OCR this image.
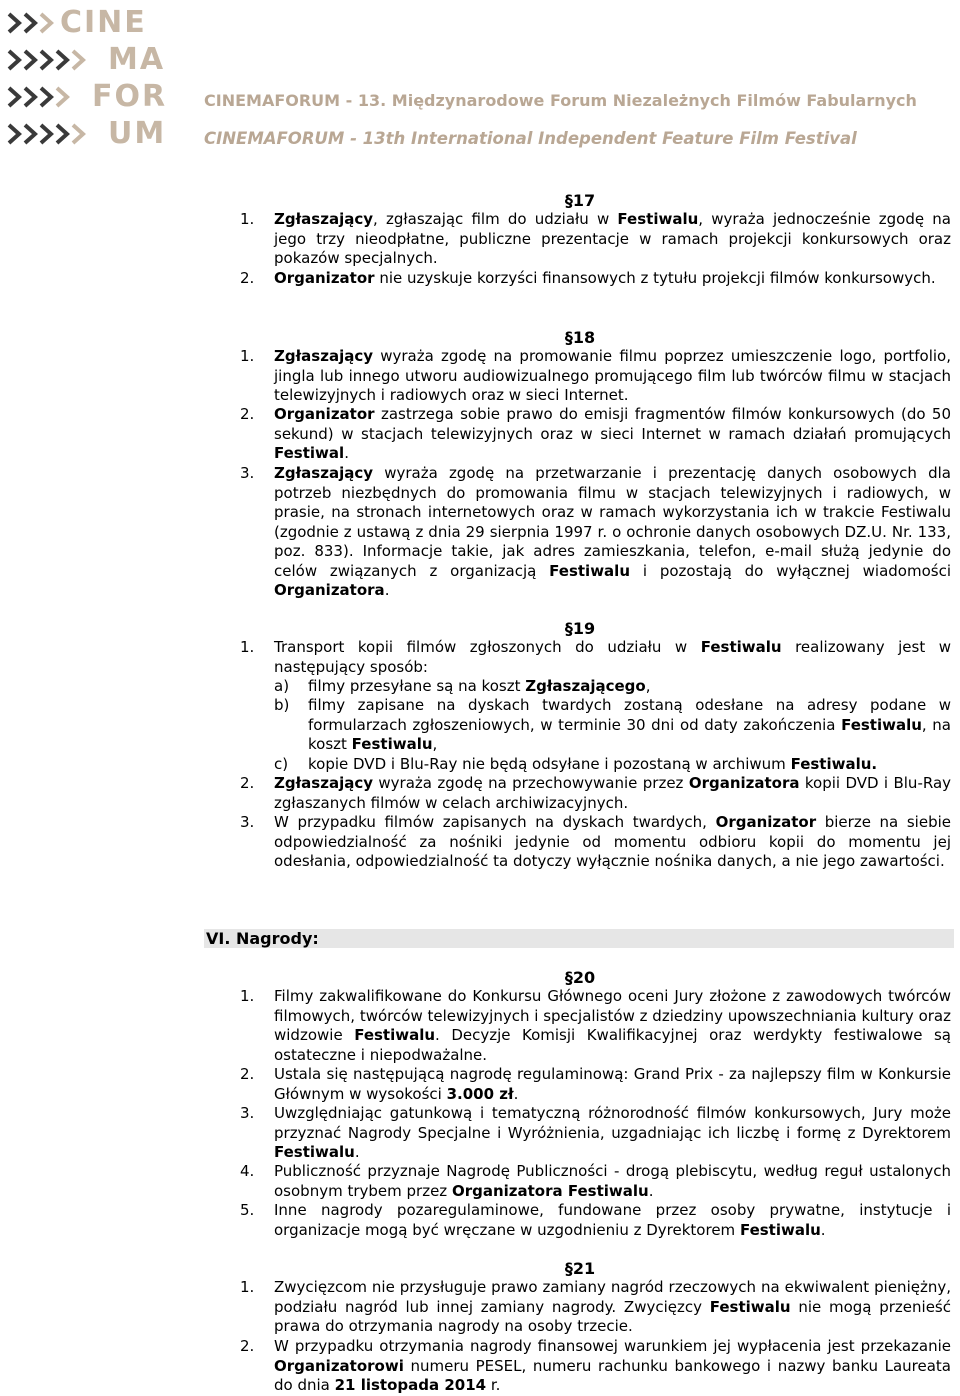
CINE
MA
FOR
UM
CINEMAFORUM - 13. Międzynarodowe Forum Niezależnych Filmów Fabularnych
CINEMAFORUM - 13th International Independent Feature Film Festival
§17
1. Zgłaszający, zgłaszając film do udziału w Festiwalu, wyraża jednocześnie zgodę na jego trzy nieodpłatne, publiczne prezentacje w ramach projekcji konkursowych oraz pokazów specjalnych.
2. Organizator nie uzyskuje korzyści finansowych z tytułu projekcji filmów konkursowych.
§18
1. Zgłaszający wyraża zgodę na promowanie filmu poprzez umieszczenie logo, portfolio, jingla lub innego utworu audiowizualnego promującego film lub twórców filmu w stacjach telewizyjnych i radiowych oraz w sieci Internet.
2. Organizator zastrzega sobie prawo do emisji fragmentów filmów konkursowych (do 50 sekund) w stacjach telewizyjnych oraz w sieci Internet w ramach działań promujących Festiwal.
3. Zgłaszający wyraża zgodę na przetwarzanie i prezentację danych osobowych dla potrzeb niezbędnych do promowania filmu w stacjach telewizyjnych i radiowych, w prasie, na stronach internetowych oraz w ramach wykorzystania ich w trakcie Festiwalu (zgodnie z ustawą z dnia 29 sierpnia 1997 r. o ochronie danych osobowych DZ.U. Nr. 133, poz. 833). Informacje takie, jak adres zamieszkania, telefon, e-mail służą jedynie do celów związanych z organizacją Festiwalu i pozostają do wyłącznej wiadomości Organizatora.
§19
1. Transport kopii filmów zgłoszonych do udziału w Festiwalu realizowany jest w następujący sposób:
a) filmy przesyłane są na koszt Zgłaszającego,
b) filmy zapisane na dyskach twardych zostaną odesłane na adresy podane w formularzach zgłoszeniowych, w terminie 30 dni od daty zakończenia Festiwalu, na koszt Festiwalu,
c) kopie DVD i Blu-Ray nie będą odsyłane i pozostaną w archiwum Festiwalu.
2. Zgłaszający wyraża zgodę na przechowywanie przez Organizatora kopii DVD i Blu-Ray zgłaszanych filmów w celach archiwizacyjnych.
3. W przypadku filmów zapisanych na dyskach twardych, Organizator bierze na siebie odpowiedzialność za nośniki jedynie od momentu odbioru kopii do momentu jej odesłania, odpowiedzialność ta dotyczy wyłącznie nośnika danych, a nie jego zawartości.
VI. Nagrody:
§20
1. Filmy zakwalifikowane do Konkursu Głównego oceni Jury złożone z zawodowych twórców filmowych, twórców telewizyjnych i specjalistów z dziedziny upowszechniania kultury oraz widzowie Festiwalu. Decyzje Komisji Kwalifikacyjnej oraz werdykty festiwalowe są ostateczne i niepodważalne.
2. Ustala się następującą nagrodę regulaminową: Grand Prix - za najlepszy film w Konkursie Głównym w wysokości 3.000 zł.
3. Uwzględniając gatunkową i tematyczną różnorodność filmów konkursowych, Jury może przyznać Nagrody Specjalne i Wyróżnienia, uzgadniając ich liczbę i formę z Dyrektorem Festiwalu.
4. Publiczność przyznaje Nagrodę Publiczności - drogą plebiscytu, według reguł ustalonych osobnym trybem przez Organizatora Festiwalu.
5. Inne nagrody pozaregulaminowe, fundowane przez osoby prywatne, instytucje i organizacje mogą być wręczane w uzgodnieniu z Dyrektorem Festiwalu.
§21
1. Zwycięzcom nie przysługuje prawo zamiany nagród rzeczowych na ekwiwalent pieniężny, podziału nagród lub innej zamiany nagrody. Zwycięzcy Festiwalu nie mogą przenieść prawa do otrzymania nagrody na osoby trzecie.
2. W przypadku otrzymania nagrody finansowej warunkiem jej wypłacenia jest przekazanie Organizatorowi numeru PESEL, numeru rachunku bankowego i nazwy banku Laureata do dnia 21 listopada 2014 r.
